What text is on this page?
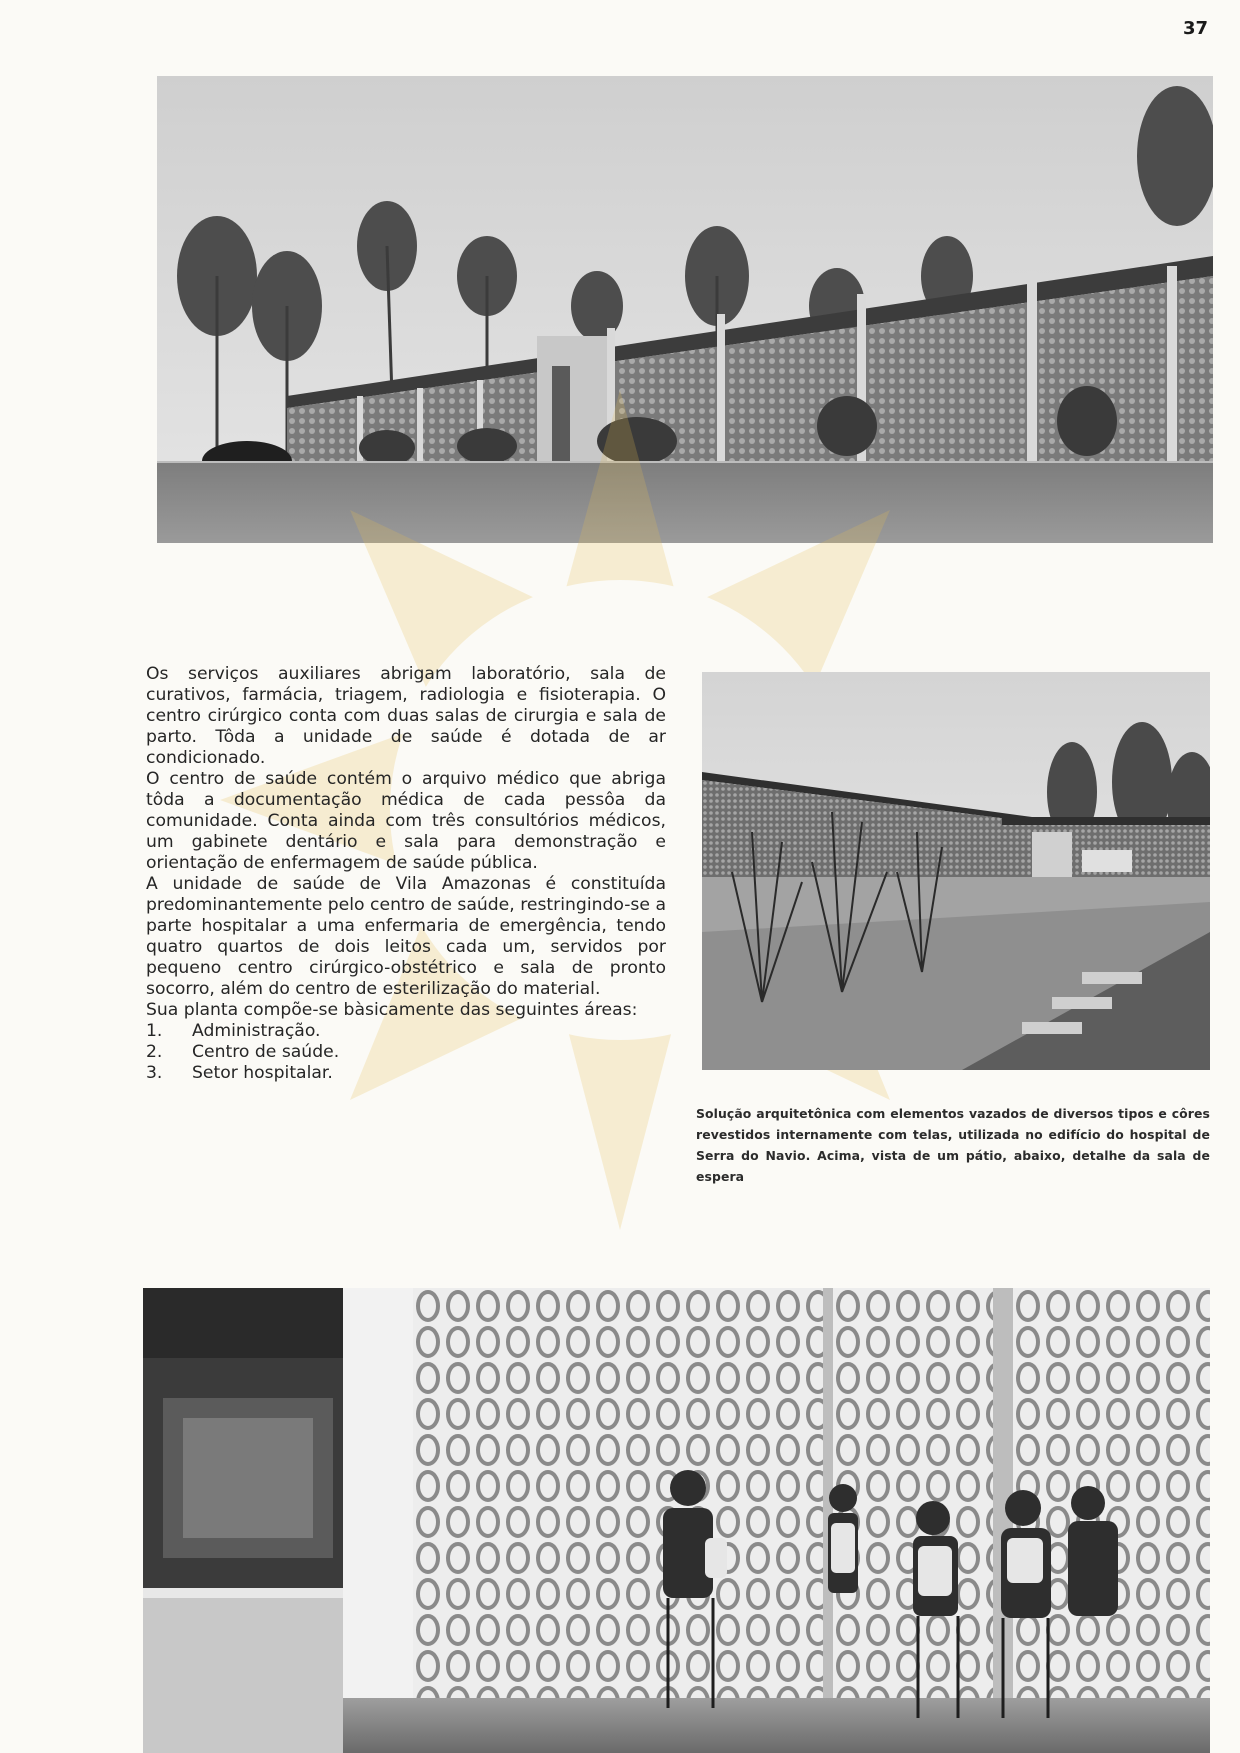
37

Os serviços auxiliares abrigam laboratório, sala de curativos, farmácia, triagem, radiologia e fisioterapia. O centro cirúrgico conta com duas salas de cirurgia e sala de parto. Tôda a unidade de saúde é dotada de ar condicionado.

O centro de saúde contém o arquivo médico que abriga tôda a documentação médica de cada pessôa da comunidade. Conta ainda com três consultórios médicos, um gabinete dentário e sala para demonstração e orientação de enfermagem de saúde pública.

A unidade de saúde de Vila Amazonas é constituída predominantemente pelo centro de saúde, restringindo-se a parte hospitalar a uma enfermaria de emergência, tendo quatro quartos de dois leitos cada um, servidos por pequeno centro cirúrgico-obstétrico e sala de pronto socorro, além do centro de esterilização do material.

Sua planta compõe-se bàsicamente das seguintes áreas:

1.	Administração.
2.	Centro de saúde.
3.	Setor hospitalar.
Solução arquitetônica com elementos vazados de diversos tipos e côres revestidos internamente com telas, utilizada no edifício do hospital de Serra do Navio. Acima, vista de um pátio, abaixo, detalhe da sala de espera
